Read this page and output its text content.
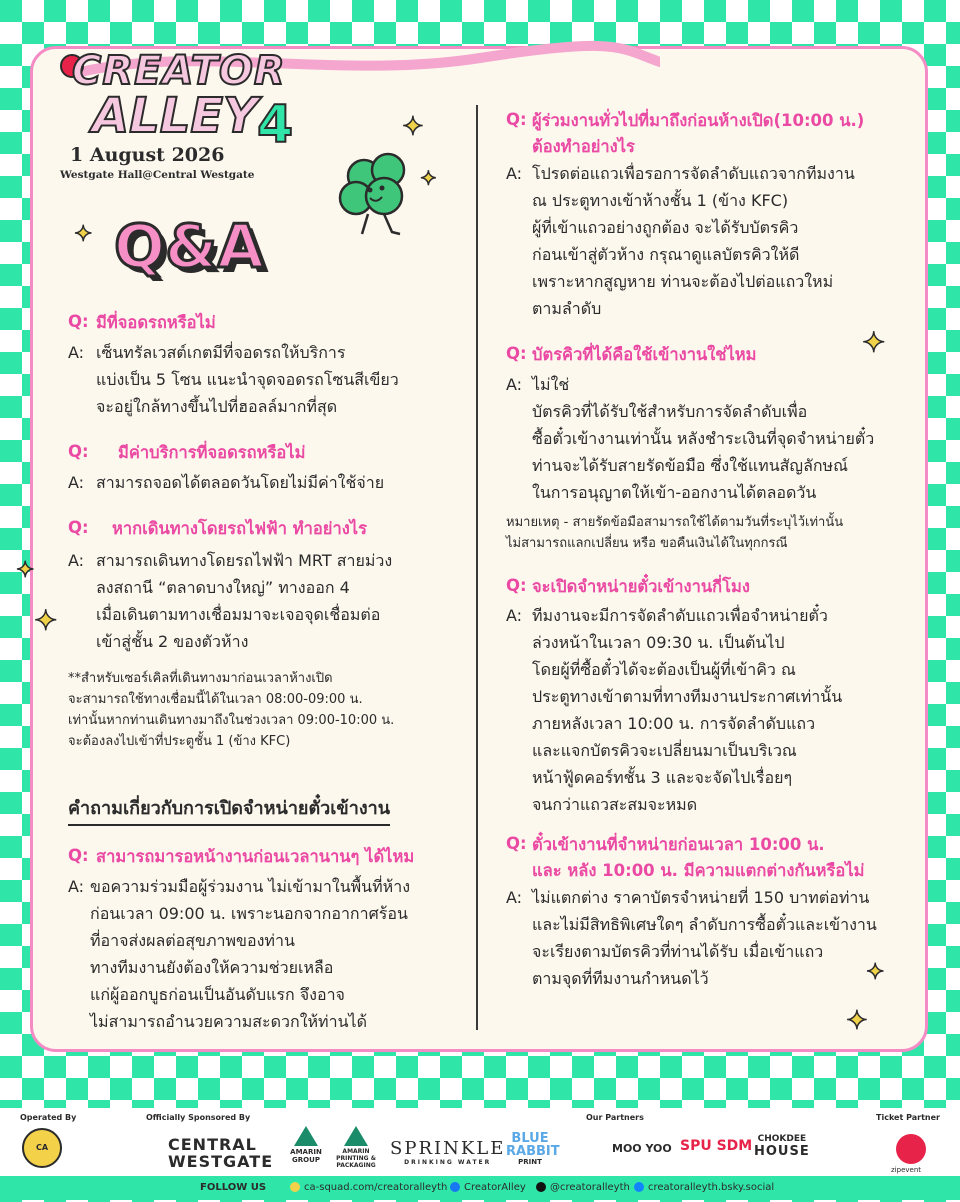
CREATOR
ALLEY 4
1 August 2026
Westgate Hall@Central Westgate
Q&A
✦
✦
✦
✦
✦
✦
✦
✦
Q: มีที่จอดรถหรือไม่
A: เซ็นทรัลเวสต์เกตมีที่จอดรถให้บริการ
แบ่งเป็น 5 โซน แนะนำจุดจอดรถโซนสีเขียว
จะอยู่ใกล้ทางขึ้นไปที่ฮอลล์มากที่สุด
Q: มีค่าบริการที่จอดรถหรือไม่
A: สามารถจอดได้ตลอดวันโดยไม่มีค่าใช้จ่าย
Q: หากเดินทางโดยรถไฟฟ้า ทำอย่างไร
A: สามารถเดินทางโดยรถไฟฟ้า MRT สายม่วง
ลงสถานี “ตลาดบางใหญ่” ทางออก 4
เมื่อเดินตามทางเชื่อมมาจะเจอจุดเชื่อมต่อ
เข้าสู่ชั้น 2 ของตัวห้าง
**สำหรับเซอร์เคิลที่เดินทางมาก่อนเวลาห้างเปิด
จะสามารถใช้ทางเชื่อมนี้ได้ในเวลา 08:00-09:00 น.
เท่านั้นหากท่านเดินทางมาถึงในช่วงเวลา 09:00-10:00 น.
จะต้องลงไปเข้าที่ประตูชั้น 1 (ข้าง KFC)
คำถามเกี่ยวกับการเปิดจำหน่ายตั๋วเข้างาน
Q: สามารถมารอหน้างานก่อนเวลานานๆ ได้ไหม
A: ขอความร่วมมือผู้ร่วมงาน ไม่เข้ามาในพื้นที่ห้าง
ก่อนเวลา 09:00 น. เพราะนอกจากอากาศร้อน
ที่อาจส่งผลต่อสุขภาพของท่าน
ทางทีมงานยังต้องให้ความช่วยเหลือ
แก่ผู้ออกบูธก่อนเป็นอันดับแรก จึงอาจ
ไม่สามารถอำนวยความสะดวกให้ท่านได้
Q: ผู้ร่วมงานทั่วไปที่มาถึงก่อนห้างเปิด(10:00 น.)
ต้องทำอย่างไร
A: โปรดต่อแถวเพื่อรอการจัดลำดับแถวจากทีมงาน
ณ ประตูทางเข้าห้างชั้น 1 (ข้าง KFC)
ผู้ที่เข้าแถวอย่างถูกต้อง จะได้รับบัตรคิว
ก่อนเข้าสู่ตัวห้าง กรุณาดูแลบัตรคิวให้ดี
เพราะหากสูญหาย ท่านจะต้องไปต่อแถวใหม่
ตามลำดับ
Q: บัตรคิวที่ได้คือใช้เข้างานใช่ไหม
A: ไม่ใช่
บัตรคิวที่ได้รับใช้สำหรับการจัดลำดับเพื่อ
ซื้อตั๋วเข้างานเท่านั้น หลังชำระเงินที่จุดจำหน่ายตั๋ว
ท่านจะได้รับสายรัดข้อมือ ซึ่งใช้แทนสัญลักษณ์
ในการอนุญาตให้เข้า-ออกงานได้ตลอดวัน
หมายเหตุ - สายรัดข้อมือสามารถใช้ได้ตามวันที่ระบุไว้เท่านั้น
ไม่สามารถแลกเปลี่ยน หรือ ขอคืนเงินได้ในทุกกรณี
Q: จะเปิดจำหน่ายตั๋วเข้างานกี่โมง
A: ทีมงานจะมีการจัดลำดับแถวเพื่อจำหน่ายตั๋ว
ล่วงหน้าในเวลา 09:30 น. เป็นต้นไป
โดยผู้ที่ซื้อตั๋วได้จะต้องเป็นผู้ที่เข้าคิว ณ
ประตูทางเข้าตามที่ทางทีมงานประกาศเท่านั้น
ภายหลังเวลา 10:00 น. การจัดลำดับแถว
และแจกบัตรคิวจะเปลี่ยนมาเป็นบริเวณ
หน้าฟู้ดคอร์ทชั้น 3 และจะจัดไปเรื่อยๆ
จนกว่าแถวสะสมจะหมด
Q: ตั๋วเข้างานที่จำหน่ายก่อนเวลา 10:00 น.
และ หลัง 10:00 น. มีความแตกต่างกันหรือไม่
A: ไม่แตกต่าง ราคาบัตรจำหน่ายที่ 150 บาทต่อท่าน
และไม่มีสิทธิพิเศษใดๆ ลำดับการซื้อตั๋วและเข้างาน
จะเรียงตามบัตรคิวที่ท่านได้รับ เมื่อเข้าแถว
ตามจุดที่ทีมงานกำหนดไว้
Operated By
CA
Officially Sponsored By
CENTRAL
WESTGATE	AMARIN GROUP
AMARIN PRINTING & PACKAGING
SPRINKLE
DRINKING WATER
BLUE RABBIT
PRINT
Our Partners
MOO YOO SPU SDM CHOKDEE
HOUSE
Ticket Partner
zipevent
FOLLOW US	ca-squad.com/creatoralleyth	CreatorAlley	@creatoralleyth	creatoralleyth.bsky.social
